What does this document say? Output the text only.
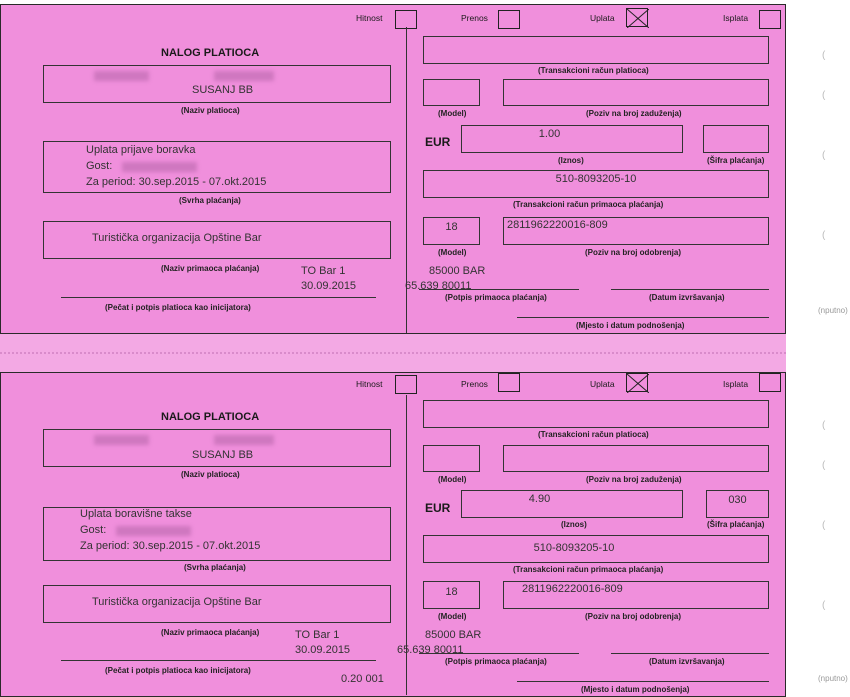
Hitnost	Prenos	Uplata	Isplata
NALOG PLATIOCA
SUSANJ BB
(Naziv platioca)
Uplata prijave boravka
Gost:
Za period: 30.sep.2015 - 07.okt.2015
(Svrha plaćanja)
Turistička organizacija Opštine Bar
(Naziv primaoca plaćanja)	TO Bar 1
30.09.2015
85000 BAR
65.639 80011
(Pečat i potpis platioca kao inicijatora)
(Transakcioni račun platioca)
(Model)	(Poziv na broj zaduženja)
EUR
1.00
(Iznos)	(Šifra plaćanja)
510-8093205-10
(Transakcioni račun primaoca plaćanja)
18	2811962220016-809
(Model)	(Poziv na broj odobrenja)
(Potpis primaoca plaćanja)	(Datum izvršavanja)
(Mjesto i datum podnošenja)
Hitnost	Prenos	Uplata	Isplata
NALOG PLATIOCA
SUSANJ BB
(Naziv platioca)
Uplata boravišne takse
Gost:
Za period: 30.sep.2015 - 07.okt.2015
(Svrha plaćanja)
Turistička organizacija Opštine Bar
(Naziv primaoca plaćanja)	TO Bar 1
30.09.2015
85000 BAR
65.639 80011
(Pečat i potpis platioca kao inicijatora)
0.20 001
(Transakcioni račun platioca)
(Model)	(Poziv na broj zaduženja)
EUR
4.90	030
(Iznos)	(Šifra plaćanja)
510-8093205-10
(Transakcioni račun primaoca plaćanja)
18	2811962220016-809
(Model)	(Poziv na broj odobrenja)
(Potpis primaoca plaćanja)	(Datum izvršavanja)
(Mjesto i datum podnošenja)
(nputno)
(nputno)
(
(
(
(
(
(
(
(
